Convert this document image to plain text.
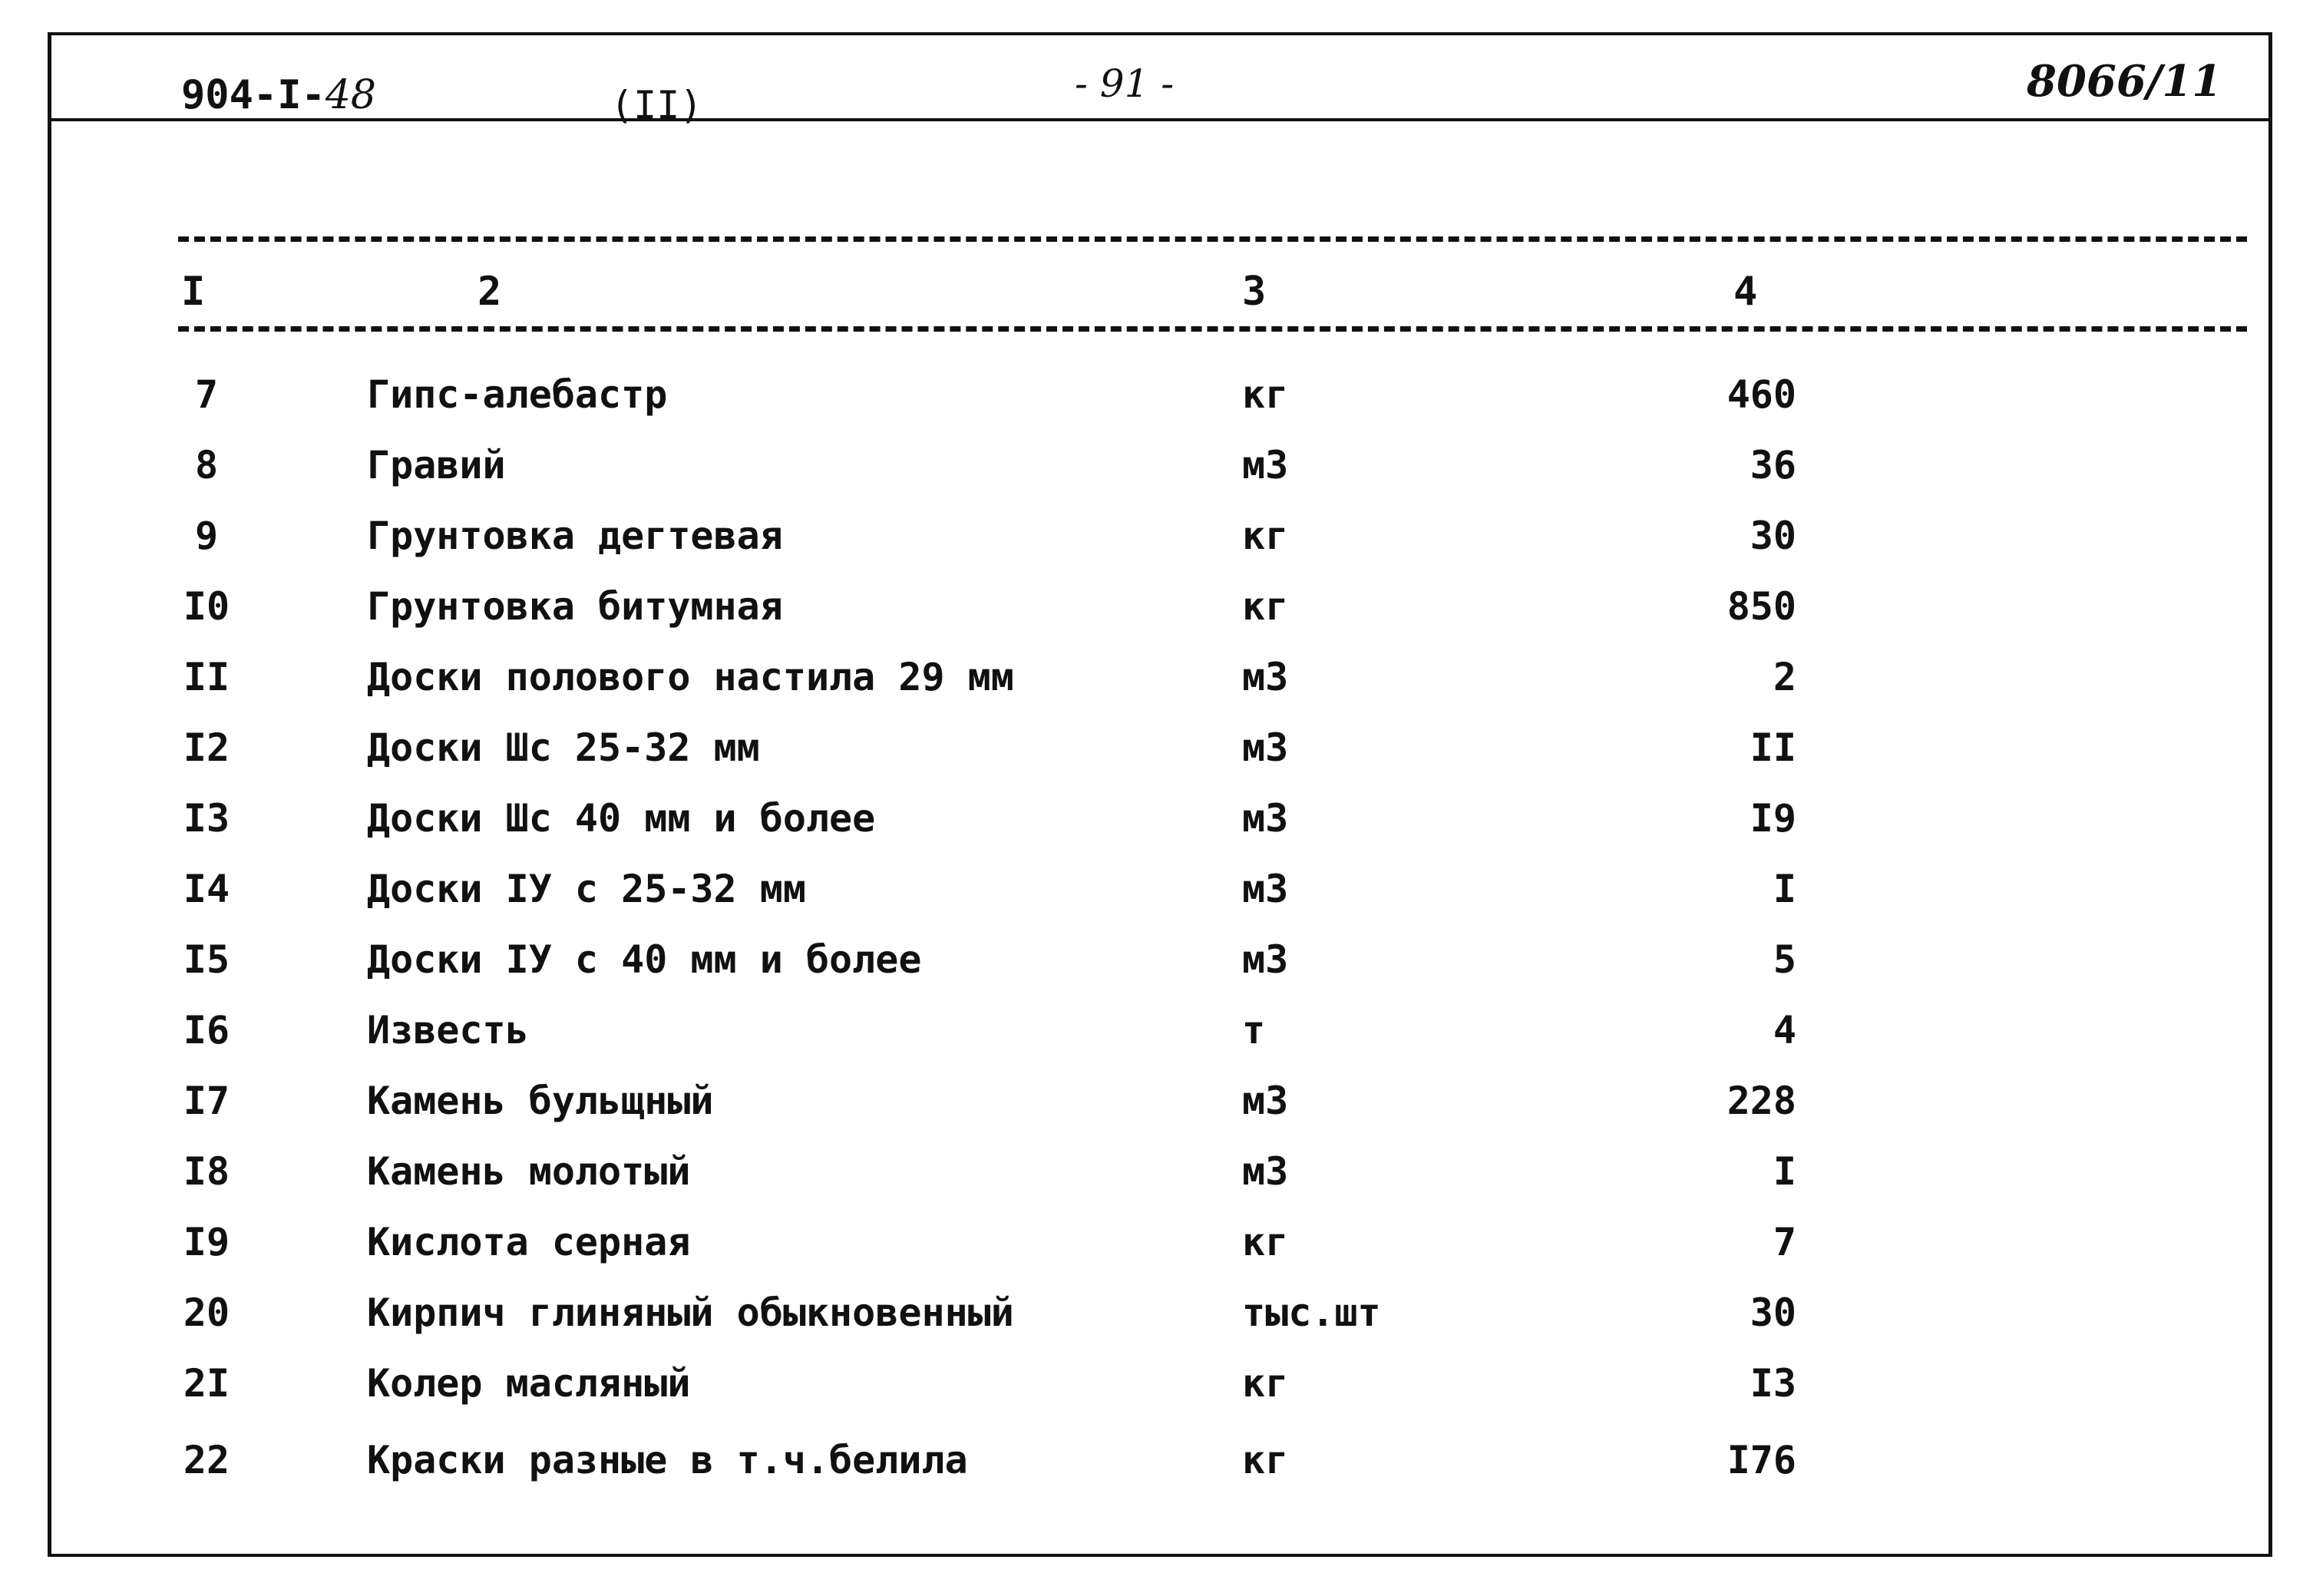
904-I-48	(II)	- 91 -	8066/11
I	2	3	4
7	Гипс-алебастр	кг	460
8	Гравий	м3	36
9	Грунтовка дегтевая	кг	30
I0	Грунтовка битумная	кг	850
II	Доски полового настила 29 мм	м3	2
I2	Доски Шс 25-32 мм	м3	II
I3	Доски Шс 40 мм и более	м3	I9
I4	Доски IУ с 25-32 мм	м3	I
I5	Доски IУ с 40 мм и более	м3	5
I6	Известь	т	4
I7	Камень бульщный	м3	228
I8	Камень молотый	м3	I
I9	Кислота серная	кг	7
20	Кирпич глиняный обыкновенный	тыс.шт	30
2I	Колер масляный	кг	I3
22	Краски разные в т.ч.белила	кг	I76
